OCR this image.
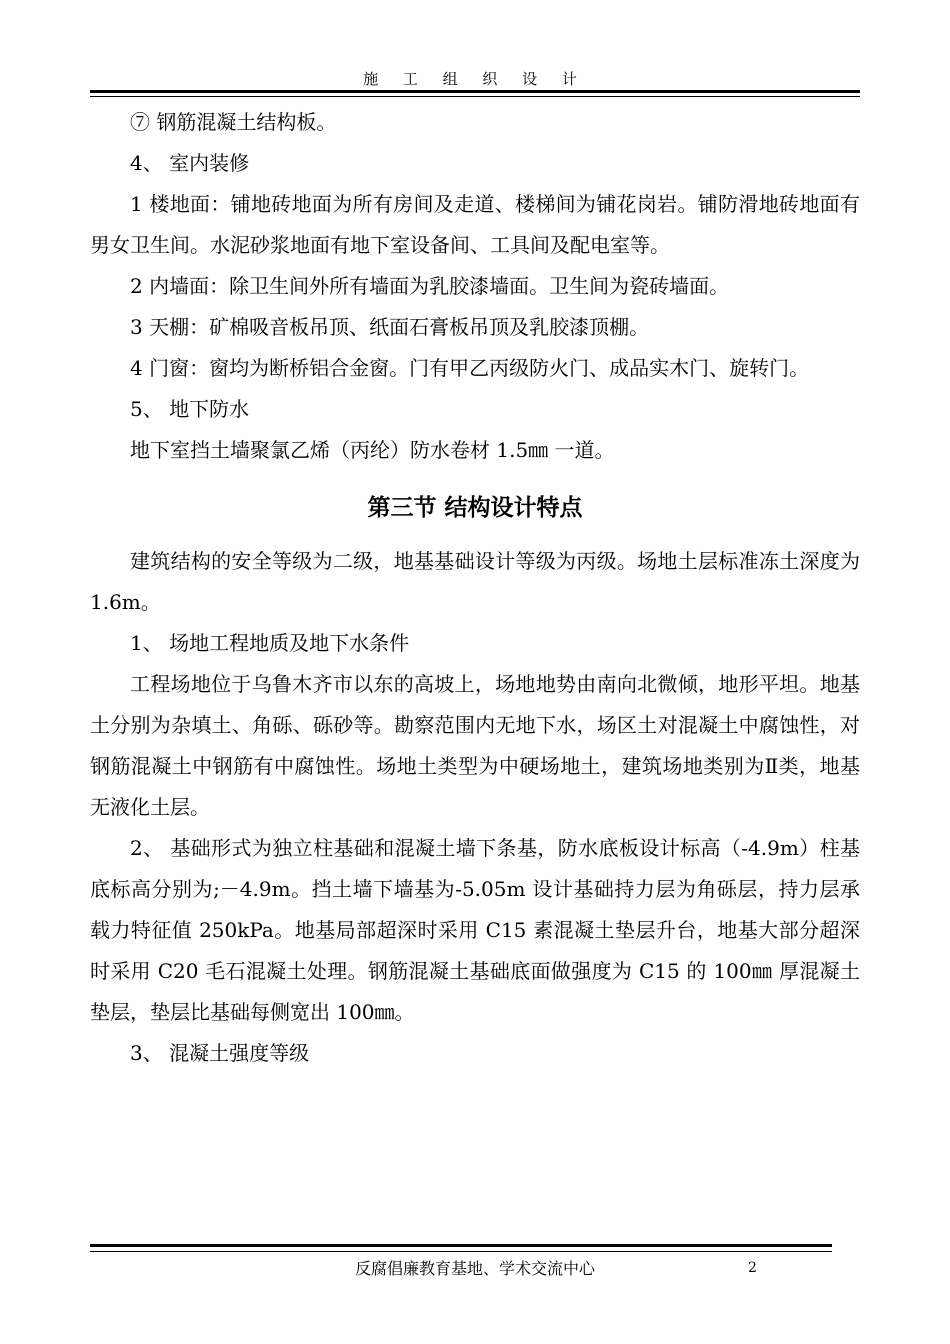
施 工 组 织 设 计

⑦ 钢筋混凝土结构板。

4、 室内装修

1 楼地面：铺地砖地面为所有房间及走道、楼梯间为铺花岗岩。铺防滑地砖地面有男女卫生间。水泥砂浆地面有地下室设备间、工具间及配电室等。

2 内墙面：除卫生间外所有墙面为乳胶漆墙面。卫生间为瓷砖墙面。

3 天棚：矿棉吸音板吊顶、纸面石膏板吊顶及乳胶漆顶棚。

4 门窗：窗均为断桥铝合金窗。门有甲乙丙级防火门、成品实木门、旋转门。

5、 地下防水

地下室挡土墙聚氯乙烯（丙纶）防水卷材 1.5㎜ 一道。

第三节 结构设计特点

建筑结构的安全等级为二级，地基基础设计等级为丙级。场地土层标准冻土深度为 1.6m。

1、 场地工程地质及地下水条件

工程场地位于乌鲁木齐市以东的高坡上，场地地势由南向北微倾，地形平坦。地基土分别为杂填土、角砾、砾砂等。勘察范围内无地下水，场区土对混凝土中腐蚀性，对钢筋混凝土中钢筋有中腐蚀性。场地土类型为中硬场地土，建筑场地类别为Ⅱ类，地基无液化土层。

2、 基础形式为独立柱基础和混凝土墙下条基，防水底板设计标高（-4.9m）柱基底标高分别为;－4.9m。挡土墙下墙基为-5.05m 设计基础持力层为角砾层，持力层承载力特征值 250kPa。地基局部超深时采用 C15 素混凝土垫层升台，地基大部分超深时采用 C20 毛石混凝土处理。钢筋混凝土基础底面做强度为 C15 的 100㎜ 厚混凝土垫层，垫层比基础每侧宽出 100㎜。

3、 混凝土强度等级

反腐倡廉教育基地、学术交流中心	2
